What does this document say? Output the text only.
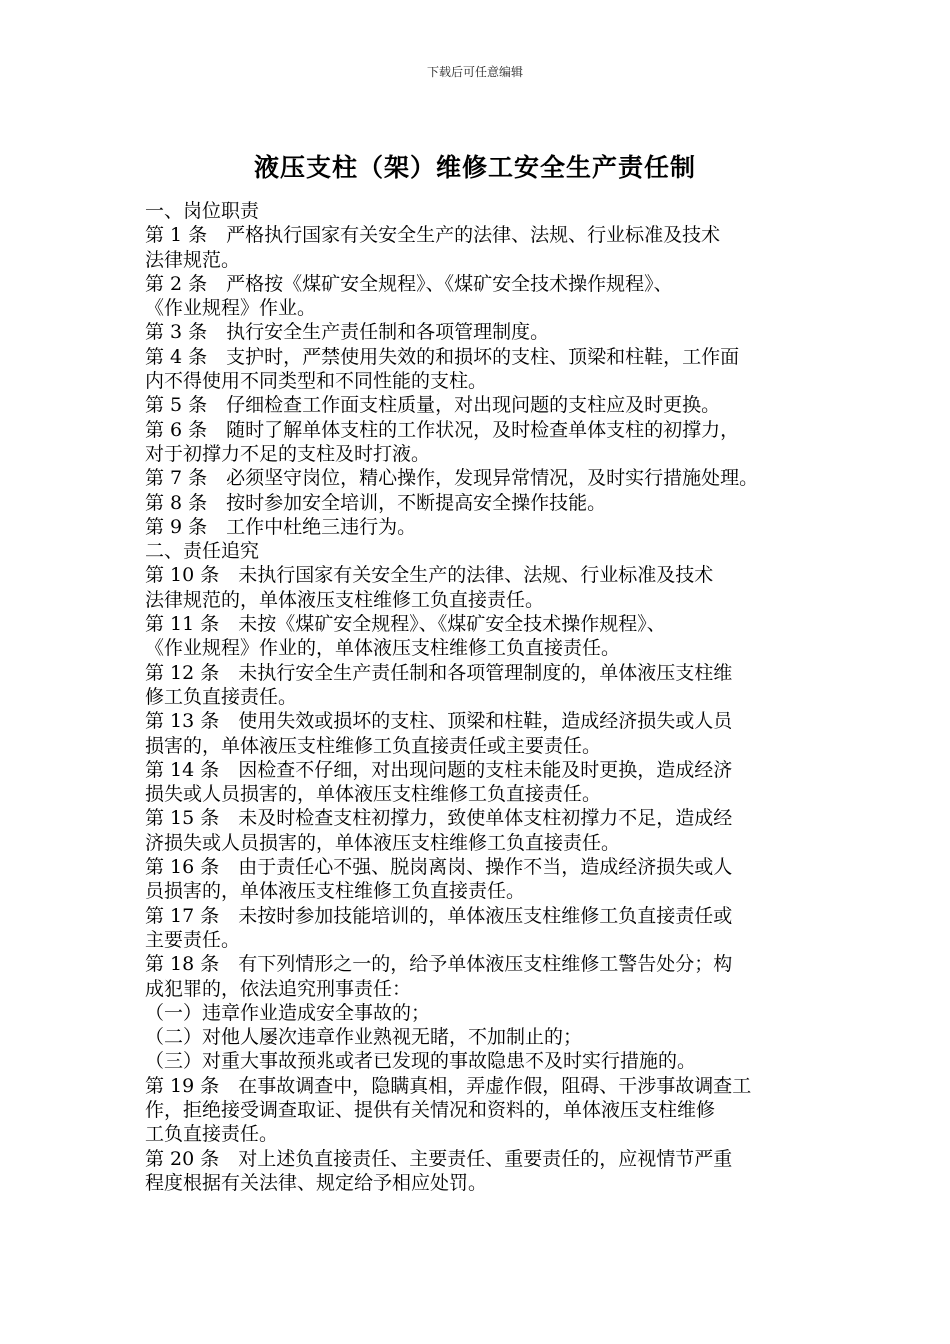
下载后可任意编辑
液压支柱（架）维修工安全生产责任制
一、岗位职责
第 1 条　严格执行国家有关安全生产的法律、法规、行业标准及技术
法律规范。
第 2 条　严格按《煤矿安全规程》、《煤矿安全技术操作规程》、
《作业规程》作业。
第 3 条　执行安全生产责任制和各项管理制度。
第 4 条　支护时，严禁使用失效的和损坏的支柱、顶梁和柱鞋，工作面
内不得使用不同类型和不同性能的支柱。
第 5 条　仔细检查工作面支柱质量，对出现问题的支柱应及时更换。
第 6 条　随时了解单体支柱的工作状况，及时检查单体支柱的初撑力，
对于初撑力不足的支柱及时打液。
第 7 条　必须坚守岗位，精心操作，发现异常情况，及时实行措施处理。
第 8 条　按时参加安全培训，不断提高安全操作技能。
第 9 条　工作中杜绝三违行为。
二、责任追究
第 10 条　未执行国家有关安全生产的法律、法规、行业标准及技术
法律规范的，单体液压支柱维修工负直接责任。
第 11 条　未按《煤矿安全规程》、《煤矿安全技术操作规程》、
《作业规程》作业的，单体液压支柱维修工负直接责任。
第 12 条　未执行安全生产责任制和各项管理制度的，单体液压支柱维
修工负直接责任。
第 13 条　使用失效或损坏的支柱、顶梁和柱鞋，造成经济损失或人员
损害的，单体液压支柱维修工负直接责任或主要责任。
第 14 条　因检查不仔细，对出现问题的支柱未能及时更换，造成经济
损失或人员损害的，单体液压支柱维修工负直接责任。
第 15 条　未及时检查支柱初撑力，致使单体支柱初撑力不足，造成经
济损失或人员损害的，单体液压支柱维修工负直接责任。
第 16 条　由于责任心不强、脱岗离岗、操作不当，造成经济损失或人
员损害的，单体液压支柱维修工负直接责任。
第 17 条　未按时参加技能培训的，单体液压支柱维修工负直接责任或
主要责任。
第 18 条　有下列情形之一的，给予单体液压支柱维修工警告处分；构
成犯罪的，依法追究刑事责任：
（一）违章作业造成安全事故的；
（二）对他人屡次违章作业熟视无睹，不加制止的；
（三）对重大事故预兆或者已发现的事故隐患不及时实行措施的。
第 19 条　在事故调查中，隐瞒真相，弄虚作假，阻碍、干涉事故调查工
作，拒绝接受调查取证、提供有关情况和资料的，单体液压支柱维修
工负直接责任。
第 20 条　对上述负直接责任、主要责任、重要责任的，应视情节严重
程度根据有关法律、规定给予相应处罚。
